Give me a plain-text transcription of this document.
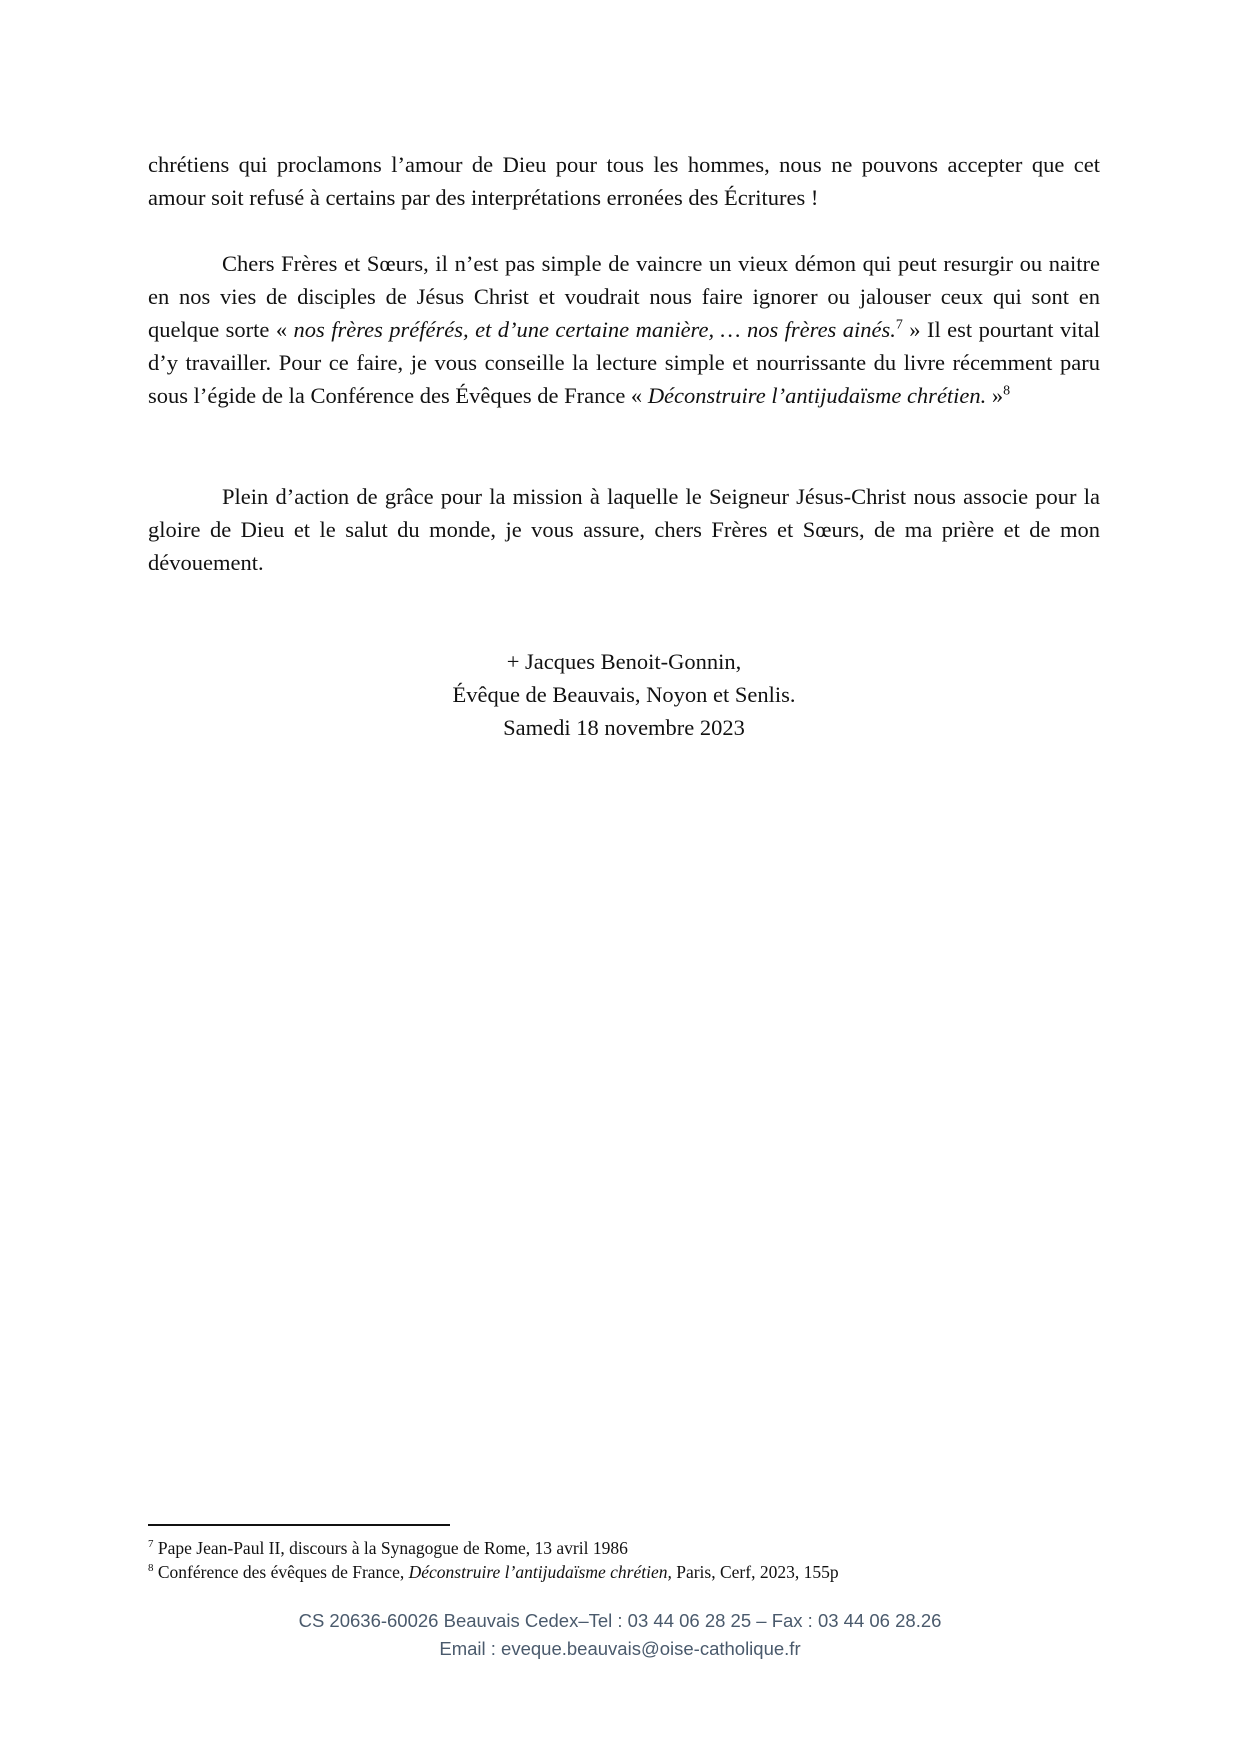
chrétiens qui proclamons l’amour de Dieu pour tous les hommes, nous ne pouvons accepter que cet amour soit refusé à certains par des interprétations erronées des Écritures !

Chers Frères et Sœurs, il n’est pas simple de vaincre un vieux démon qui peut resurgir ou naitre en nos vies de disciples de Jésus Christ et voudrait nous faire ignorer ou jalouser ceux qui sont en quelque sorte « nos frères préférés, et d’une certaine manière, … nos frères ainés.$^7$ » Il est pourtant vital d’y travailler. Pour ce faire, je vous conseille la lecture simple et nourrissante du livre récemment paru sous l’égide de la Conférence des Évêques de France « Déconstruire l’antijudaïsme chrétien. »$^8$

Plein d’action de grâce pour la mission à laquelle le Seigneur Jésus-Christ nous associe pour la gloire de Dieu et le salut du monde, je vous assure, chers Frères et Sœurs, de ma prière et de mon dévouement.

+ Jacques Benoit-Gonnin,
Évêque de Beauvais, Noyon et Senlis.
Samedi 18 novembre 2023
$^7$ Pape Jean-Paul II, discours à la Synagogue de Rome, 13 avril 1986
$^8$ Conférence des évêques de France, Déconstruire l’antijudaïsme chrétien, Paris, Cerf, 2023, 155p
CS 20636-60026 Beauvais Cedex–Tel : 03 44 06 28 25 – Fax : 03 44 06 28.26
Email : eveque.beauvais@oise-catholique.fr
